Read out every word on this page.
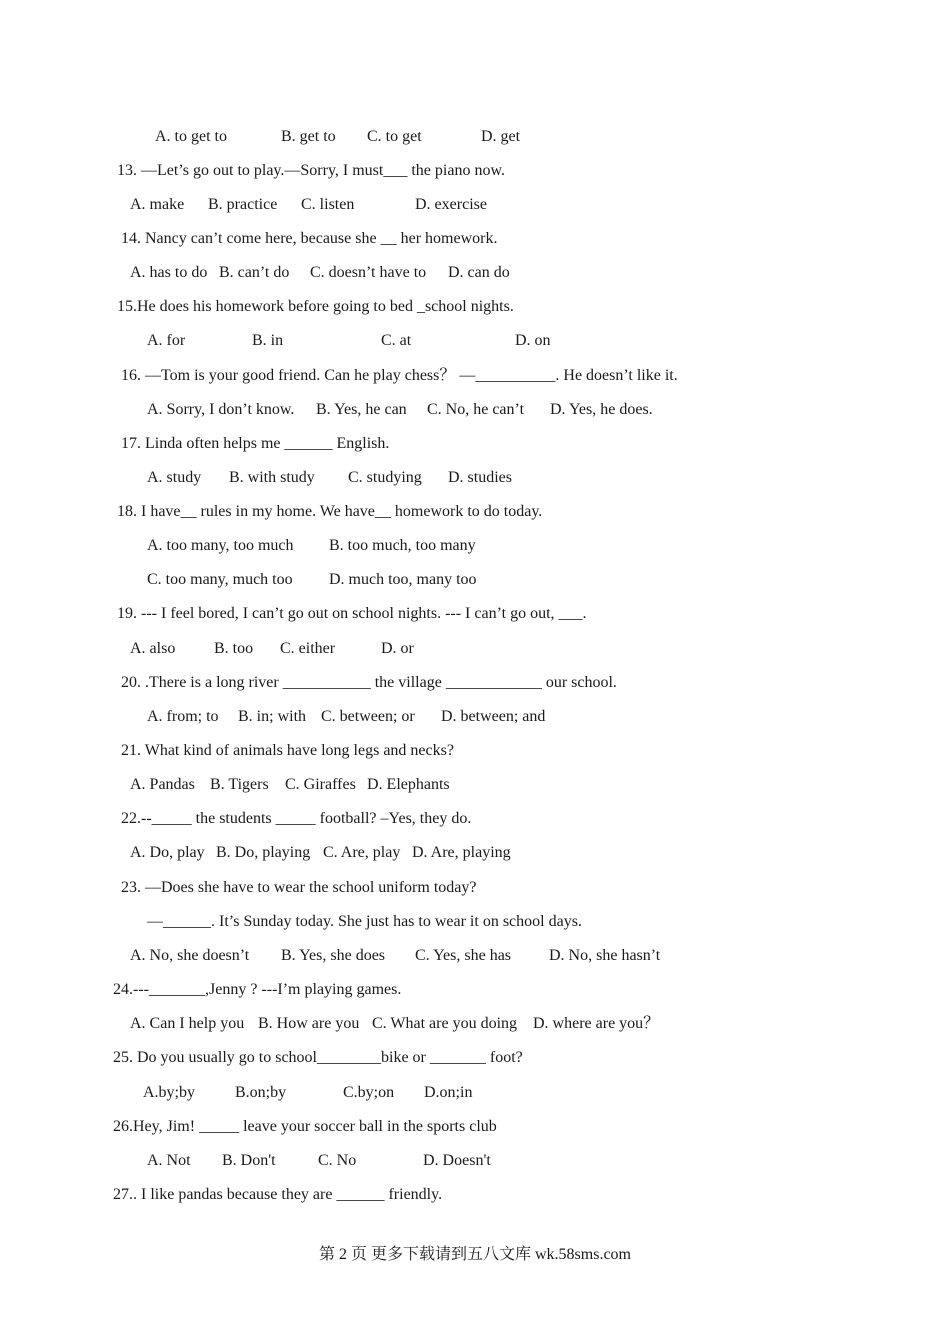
A. to get to	B. get to C. to get	D. get
13. —Let’s go out to play.—Sorry, I must___ the piano now.
A. make B. practice C. listen	D. exercise
14. Nancy can’t come here, because she __ her homework.
A. has to do B. can’t do C. doesn’t have to D. can do
15.He does his homework before going to bed _school nights.
A. for	B. in	C. at	D. on
16. —Tom is your good friend. Can he play chess？ —__________. He doesn’t like it.
A. Sorry, I don’t know. B. Yes, he can C. No, he can’t D. Yes, he does.
17. Linda often helps me ______ English.
A. study B. with study C. studying D. studies
18. I have__ rules in my home. We have__ homework to do today.
A. too many, too much B. too much, too many
C. too many, much too D. much too, many too
19. --- I feel bored, I can’t go out on school nights. --- I can’t go out, ___.
A. also B. too C. either	D. or
20. .There is a long river ___________ the village ____________ our school.
A. from; to B. in; with C. between; or D. between; and
21. What kind of animals have long legs and necks?
A. Pandas B. Tigers C. Giraffes D. Elephants
22.--_____ the students _____ football? –Yes, they do.
A. Do, play B. Do, playing C. Are, play D. Are, playing
23. —Does she have to wear the school uniform today?
—______. It’s Sunday today. She just has to wear it on school days.
A. No, she doesn’t B. Yes, she does C. Yes, she has D. No, she hasn’t
24.---_______,Jenny ? ---I’m playing games.
A. Can I help you B. How are you C. What are you doing D. where are you？
25. Do you usually go to school________bike or _______ foot?
A.by;by	B.on;by	C.by;on D.on;in
26.Hey, Jim! _____ leave your soccer ball in the sports club
A. Not B. Don't	C. No	D. Doesn't
27.. I like pandas because they are ______ friendly.
第 2 页 更多下载请到五八文库 wk.58sms.com
